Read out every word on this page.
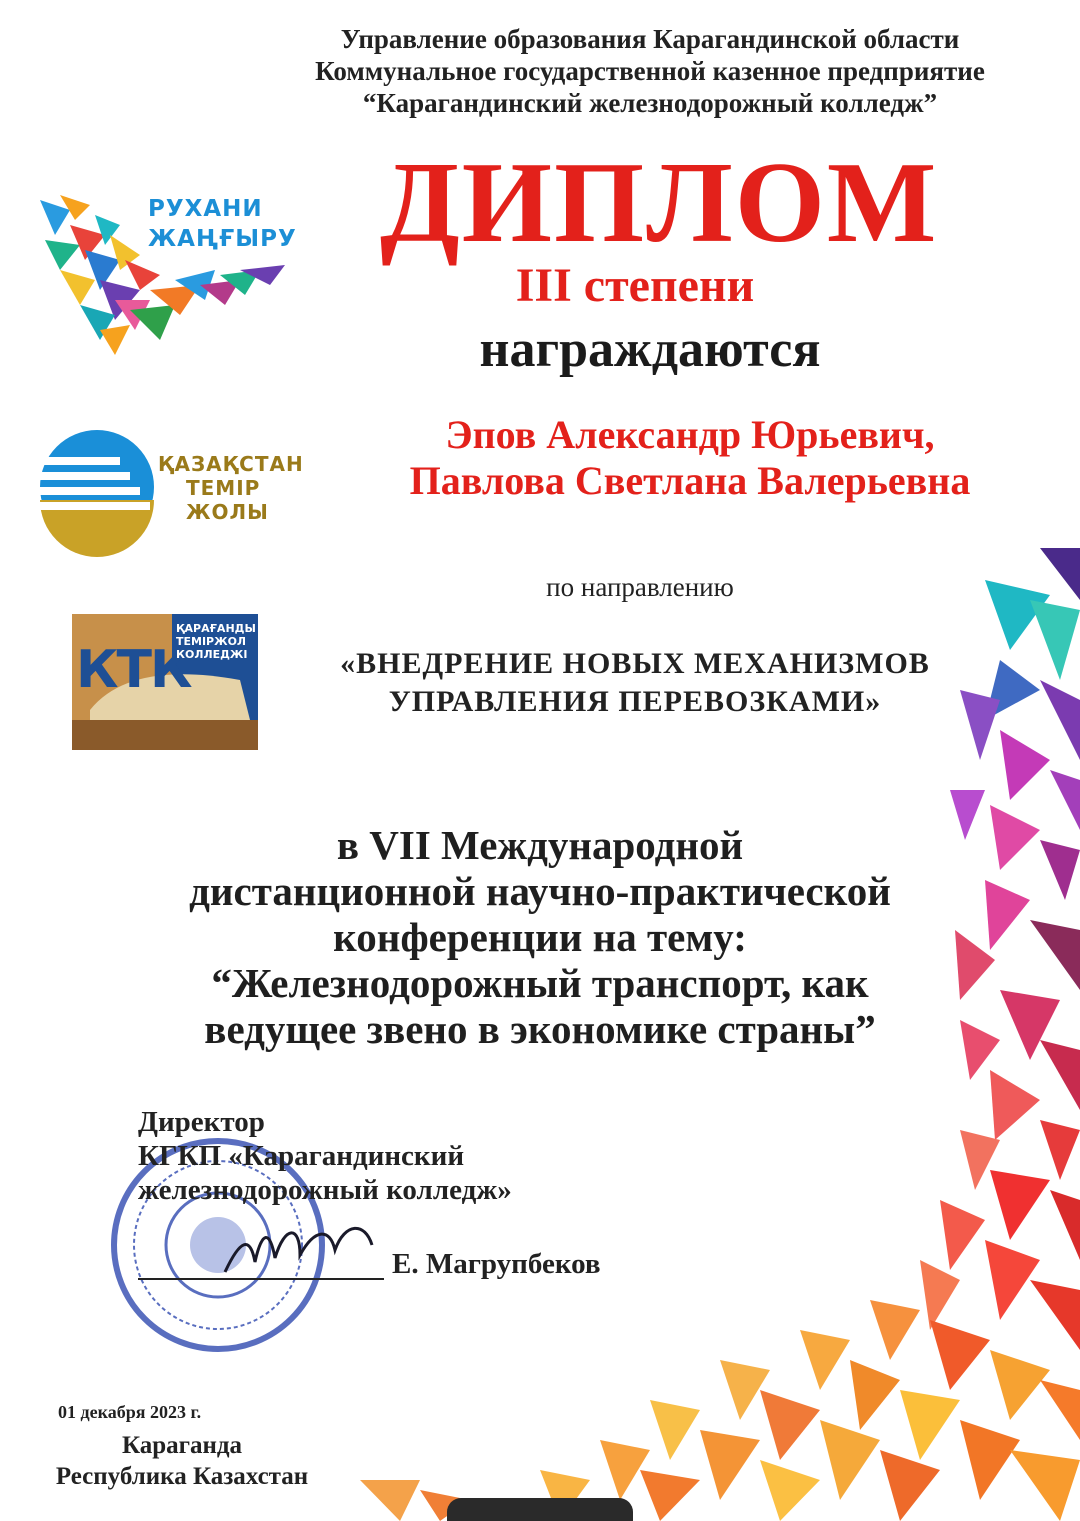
Управление образования Карагандинской области
Коммунальное государственной казенное предприятие
“Карагандинский железнодорожный колледж”
РУХАНИ
ЖАҢҒЫРУ
ҚАЗАҚСТАН
ТЕМІР
ЖОЛЫ
КТК
ҚАРАҒАНДЫ
ТЕМІРЖОЛ
КОЛЛЕДЖІ
ДИПЛОМ
III степени
награждаются
Эпов Александр Юрьевич,
Павлова Светлана Валерьевна
по направлению
«ВНЕДРЕНИЕ НОВЫХ МЕХАНИЗМОВ
УПРАВЛЕНИЯ ПЕРЕВОЗКАМИ»
в VII Международной
дистанционной научно-практической
конференции на тему:
“Железнодорожный транспорт, как
ведущее звено в экономике страны”
Директор
КГКП «Карагандинский
железнодорожный колледж»
Е. Магрупбеков
01 декабря 2023 г.
Караганда
Республика Казахстан
